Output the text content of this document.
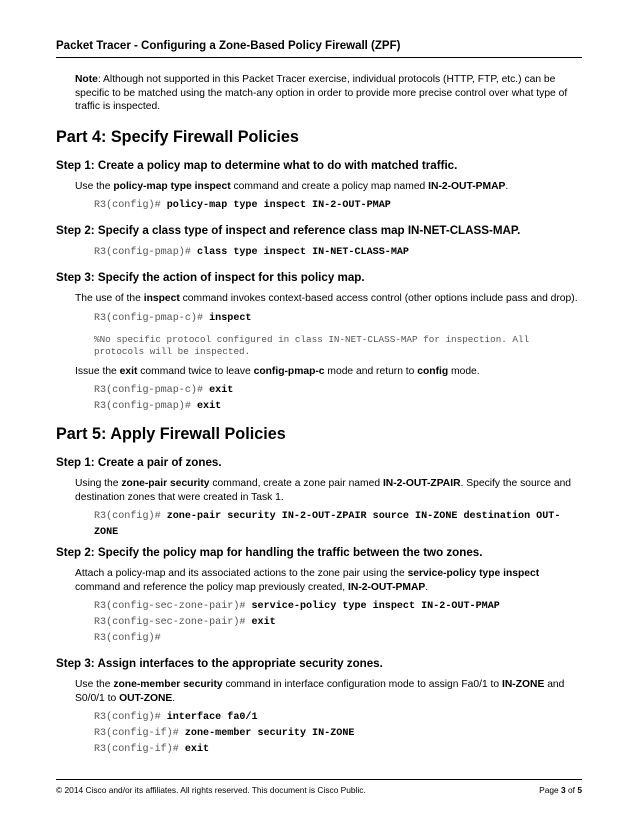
Packet Tracer - Configuring a Zone-Based Policy Firewall (ZPF)

Note: Although not supported in this Packet Tracer exercise, individual protocols (HTTP, FTP, etc.) can be specific to be matched using the match-any option in order to provide more precise control over what type of traffic is inspected.

Part 4: Specify Firewall Policies
Step 1: Create a policy map to determine what to do with matched traffic.

Use the policy-map type inspect command and create a policy map named IN-2-OUT-PMAP.

R3(config)# policy-map type inspect IN-2-OUT-PMAP
Step 2: Specify a class type of inspect and reference class map IN-NET-CLASS-MAP.
R3(config-pmap)# class type inspect IN-NET-CLASS-MAP
Step 3: Specify the action of inspect for this policy map.

The use of the inspect command invokes context-based access control (other options include pass and drop).

R3(config-pmap-c)# inspect
%No specific protocol configured in class IN-NET-CLASS-MAP for inspection. All protocols will be inspected.

Issue the exit command twice to leave config-pmap-c mode and return to config mode.

R3(config-pmap-c)# exit
R3(config-pmap)# exit
Part 5: Apply Firewall Policies
Step 1: Create a pair of zones.

Using the zone-pair security command, create a zone pair named IN-2-OUT-ZPAIR. Specify the source and destination zones that were created in Task 1.

R3(config)# zone-pair security IN-2-OUT-ZPAIR source IN-ZONE destination OUT-
ZONE
Step 2: Specify the policy map for handling the traffic between the two zones.

Attach a policy-map and its associated actions to the zone pair using the service-policy type inspect command and reference the policy map previously created, IN-2-OUT-PMAP.

R3(config-sec-zone-pair)# service-policy type inspect IN-2-OUT-PMAP
R3(config-sec-zone-pair)# exit
R3(config)#
Step 3: Assign interfaces to the appropriate security zones.

Use the zone-member security command in interface configuration mode to assign Fa0/1 to IN-ZONE and S0/0/1 to OUT-ZONE.

R3(config)# interface fa0/1
R3(config-if)# zone-member security IN-ZONE
R3(config-if)# exit
© 2014 Cisco and/or its affiliates. All rights reserved. This document is Cisco Public.	Page 3 of 5
